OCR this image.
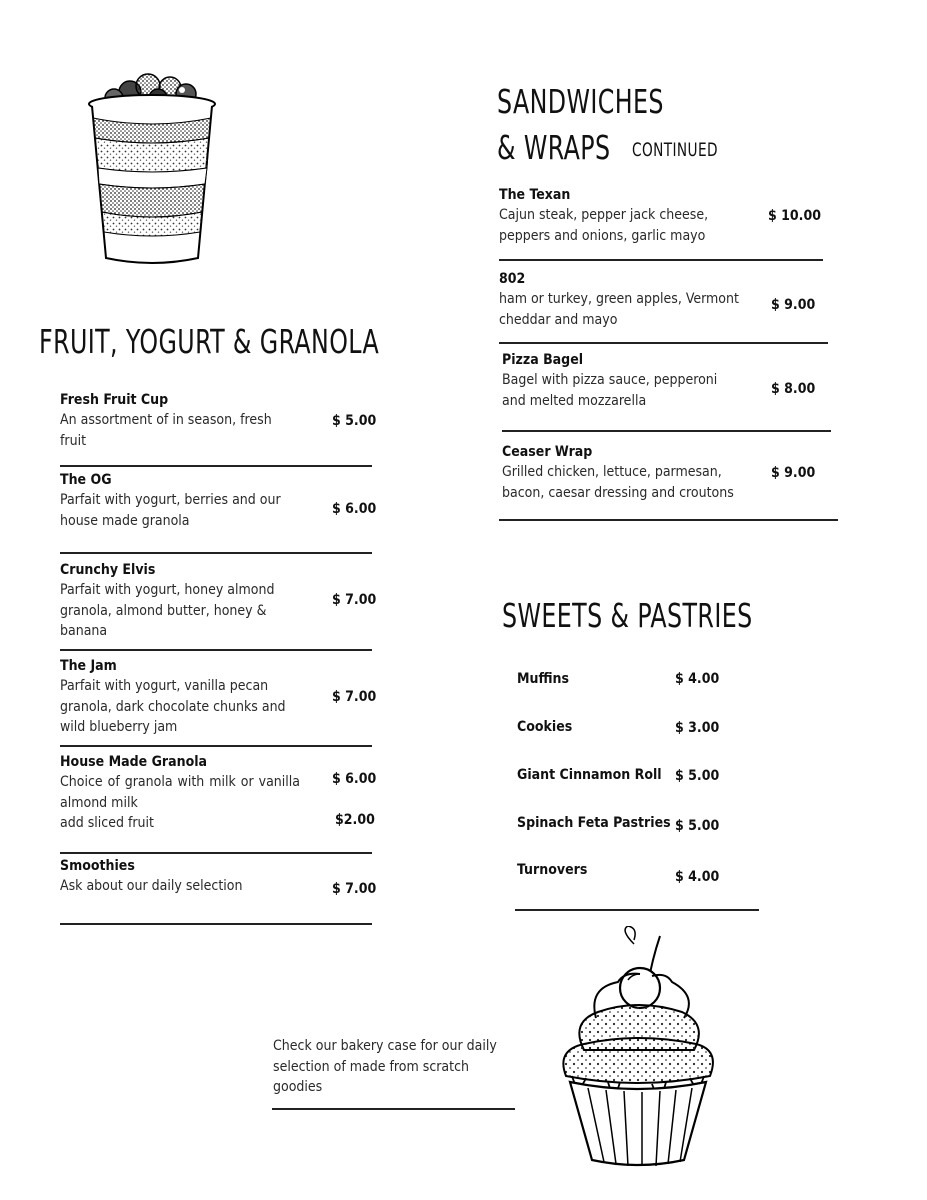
FRUIT, YOGURT & GRANOLA
Fresh Fruit Cup
An assortment of in season, fresh fruit
$ 5.00
The OG
Parfait with yogurt, berries and our house made granola
$ 6.00
Crunchy Elvis
Parfait with yogurt, honey almond granola, almond butter, honey & banana
$ 7.00
The Jam
Parfait with yogurt, vanilla pecan granola, dark chocolate chunks and wild blueberry jam
$ 7.00
House Made Granola
Choice of granola with milk or vanilla almond milk
add sliced fruit
$ 6.00
$2.00
Smoothies
Ask about our daily selection	$ 7.00
SANDWICHES
& WRAPS CONTINUED
The Texan
Cajun steak, pepper jack cheese, peppers and onions, garlic mayo
$ 10.00
802
ham or turkey, green apples, Vermont cheddar and mayo
$ 9.00
Pizza Bagel
Bagel with pizza sauce, pepperoni and melted mozzarella
$ 8.00
Ceaser Wrap
Grilled chicken, lettuce, parmesan, bacon, caesar dressing and croutons
$ 9.00
SWEETS & PASTRIES
Muffins	$ 4.00
Cookies	$ 3.00
Giant Cinnamon Roll $ 5.00
Spinach Feta Pastries $ 5.00
Turnovers	$ 4.00
Check our bakery case for our daily selection of made from scratch goodies
